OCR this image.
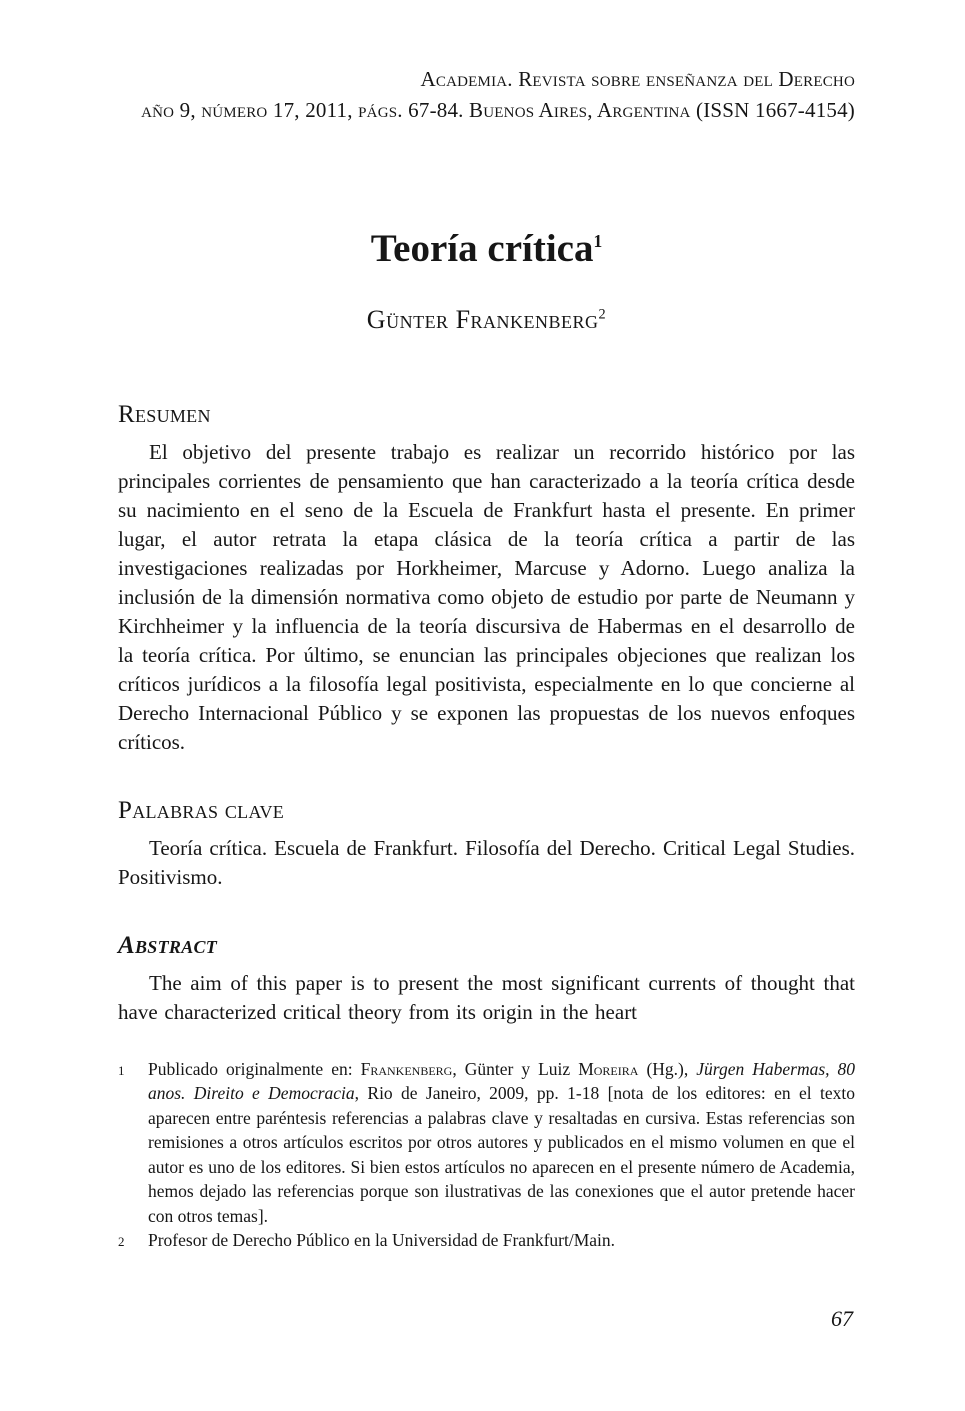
Academia. Revista sobre enseñanza del Derecho
año 9, número 17, 2011, págs. 67-84. Buenos Aires, Argentina (ISSN 1667-4154)
Teoría crítica$^1$
Günter Frankenberg$^2$
Resumen

El objetivo del presente trabajo es realizar un recorrido histórico por las principales corrientes de pensamiento que han caracterizado a la teoría crítica desde su nacimiento en el seno de la Escuela de Frankfurt hasta el presente. En primer lugar, el autor retrata la etapa clásica de la teoría crítica a partir de las investigaciones realizadas por Horkheimer, Marcuse y Adorno. Luego analiza la inclusión de la dimensión normativa como objeto de estudio por parte de Neumann y Kirchheimer y la influencia de la teoría discursiva de Habermas en el desarrollo de la teoría crítica. Por último, se enuncian las principales objeciones que realizan los críticos jurídicos a la filosofía legal positivista, especialmente en lo que concierne al Derecho Internacional Público y se exponen las propuestas de los nuevos enfoques críticos.

Palabras clave

Teoría crítica. Escuela de Frankfurt. Filosofía del Derecho. Critical Legal Studies. Positivismo.

Abstract

The aim of this paper is to present the most significant currents of thought that have characterized critical theory from its origin in the heart

1	Publicado originalmente en: Frankenberg, Günter y Luiz Moreira (Hg.), Jürgen Habermas, 80 anos. Direito e Democracia, Rio de Janeiro, 2009, pp. 1-18 [nota de los editores: en el texto aparecen entre paréntesis referencias a palabras clave y resaltadas en cursiva. Estas referencias son remisiones a otros artículos escritos por otros autores y publicados en el mismo volumen en que el autor es uno de los editores. Si bien estos artículos no aparecen en el presente número de Academia, hemos dejado las referencias porque son ilustrativas de las conexiones que el autor pretende hacer con otros temas].
2	Profesor de Derecho Público en la Universidad de Frankfurt/Main.
67
